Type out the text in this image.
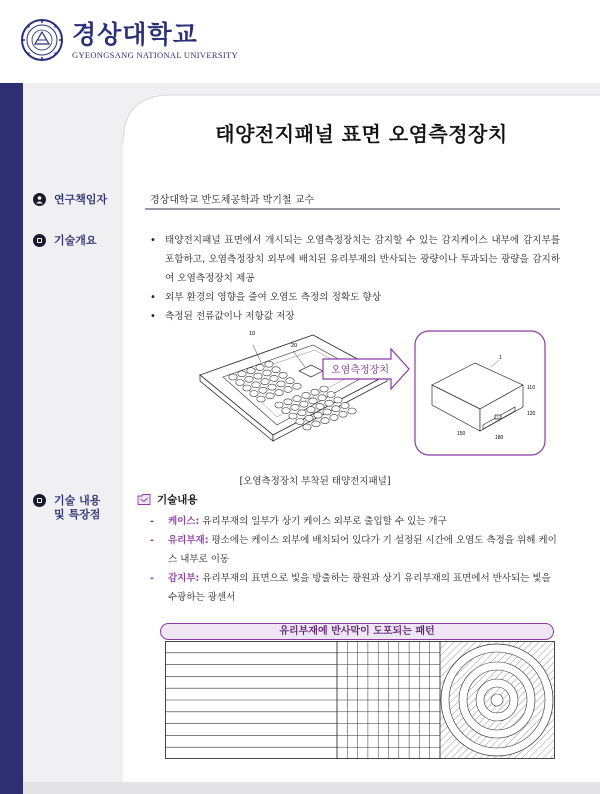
경상대학교
GYEONGSANG NATIONAL UNIVERSITY
태양전지패널 표면 오염측정장치
연구책임자
기술개요
기술 내용
및 특장점
경상대학교 반도체공학과 박기철 교수
• 태양전지패널 표면에서 개시되는 오염측정장치는 감지할 수 있는 감지케이스 내부에 감지부를 포함하고, 오염측정장치 외부에 배치된 유리부재의 반사되는 광량이나 투과되는 광량을 감지하여 오염측정장치 제공
• 외부 환경의 영향을 줄여 오염도 측정의 정확도 향상
• 측정된 전류값이나 저항값 저장
10
20
오염측정장치
1
110
120
150
180
[오염측정장치 부착된 태양전지패널]
기술내용
- 케이스: 유리부재의 일부가 상기 케이스 외부로 출입할 수 있는 개구
- 유리부재: 평소에는 케이스 외부에 배치되어 있다가 기 설정된 시간에 오염도 측정을 위해 케이스 내부로 이동
- 감지부: 유리부재의 표면으로 빛을 방출하는 광원과 상기 유리부재의 표면에서 반사되는 빛을 수광하는 광센서
유리부재에 반사막이 도포되는 패턴
